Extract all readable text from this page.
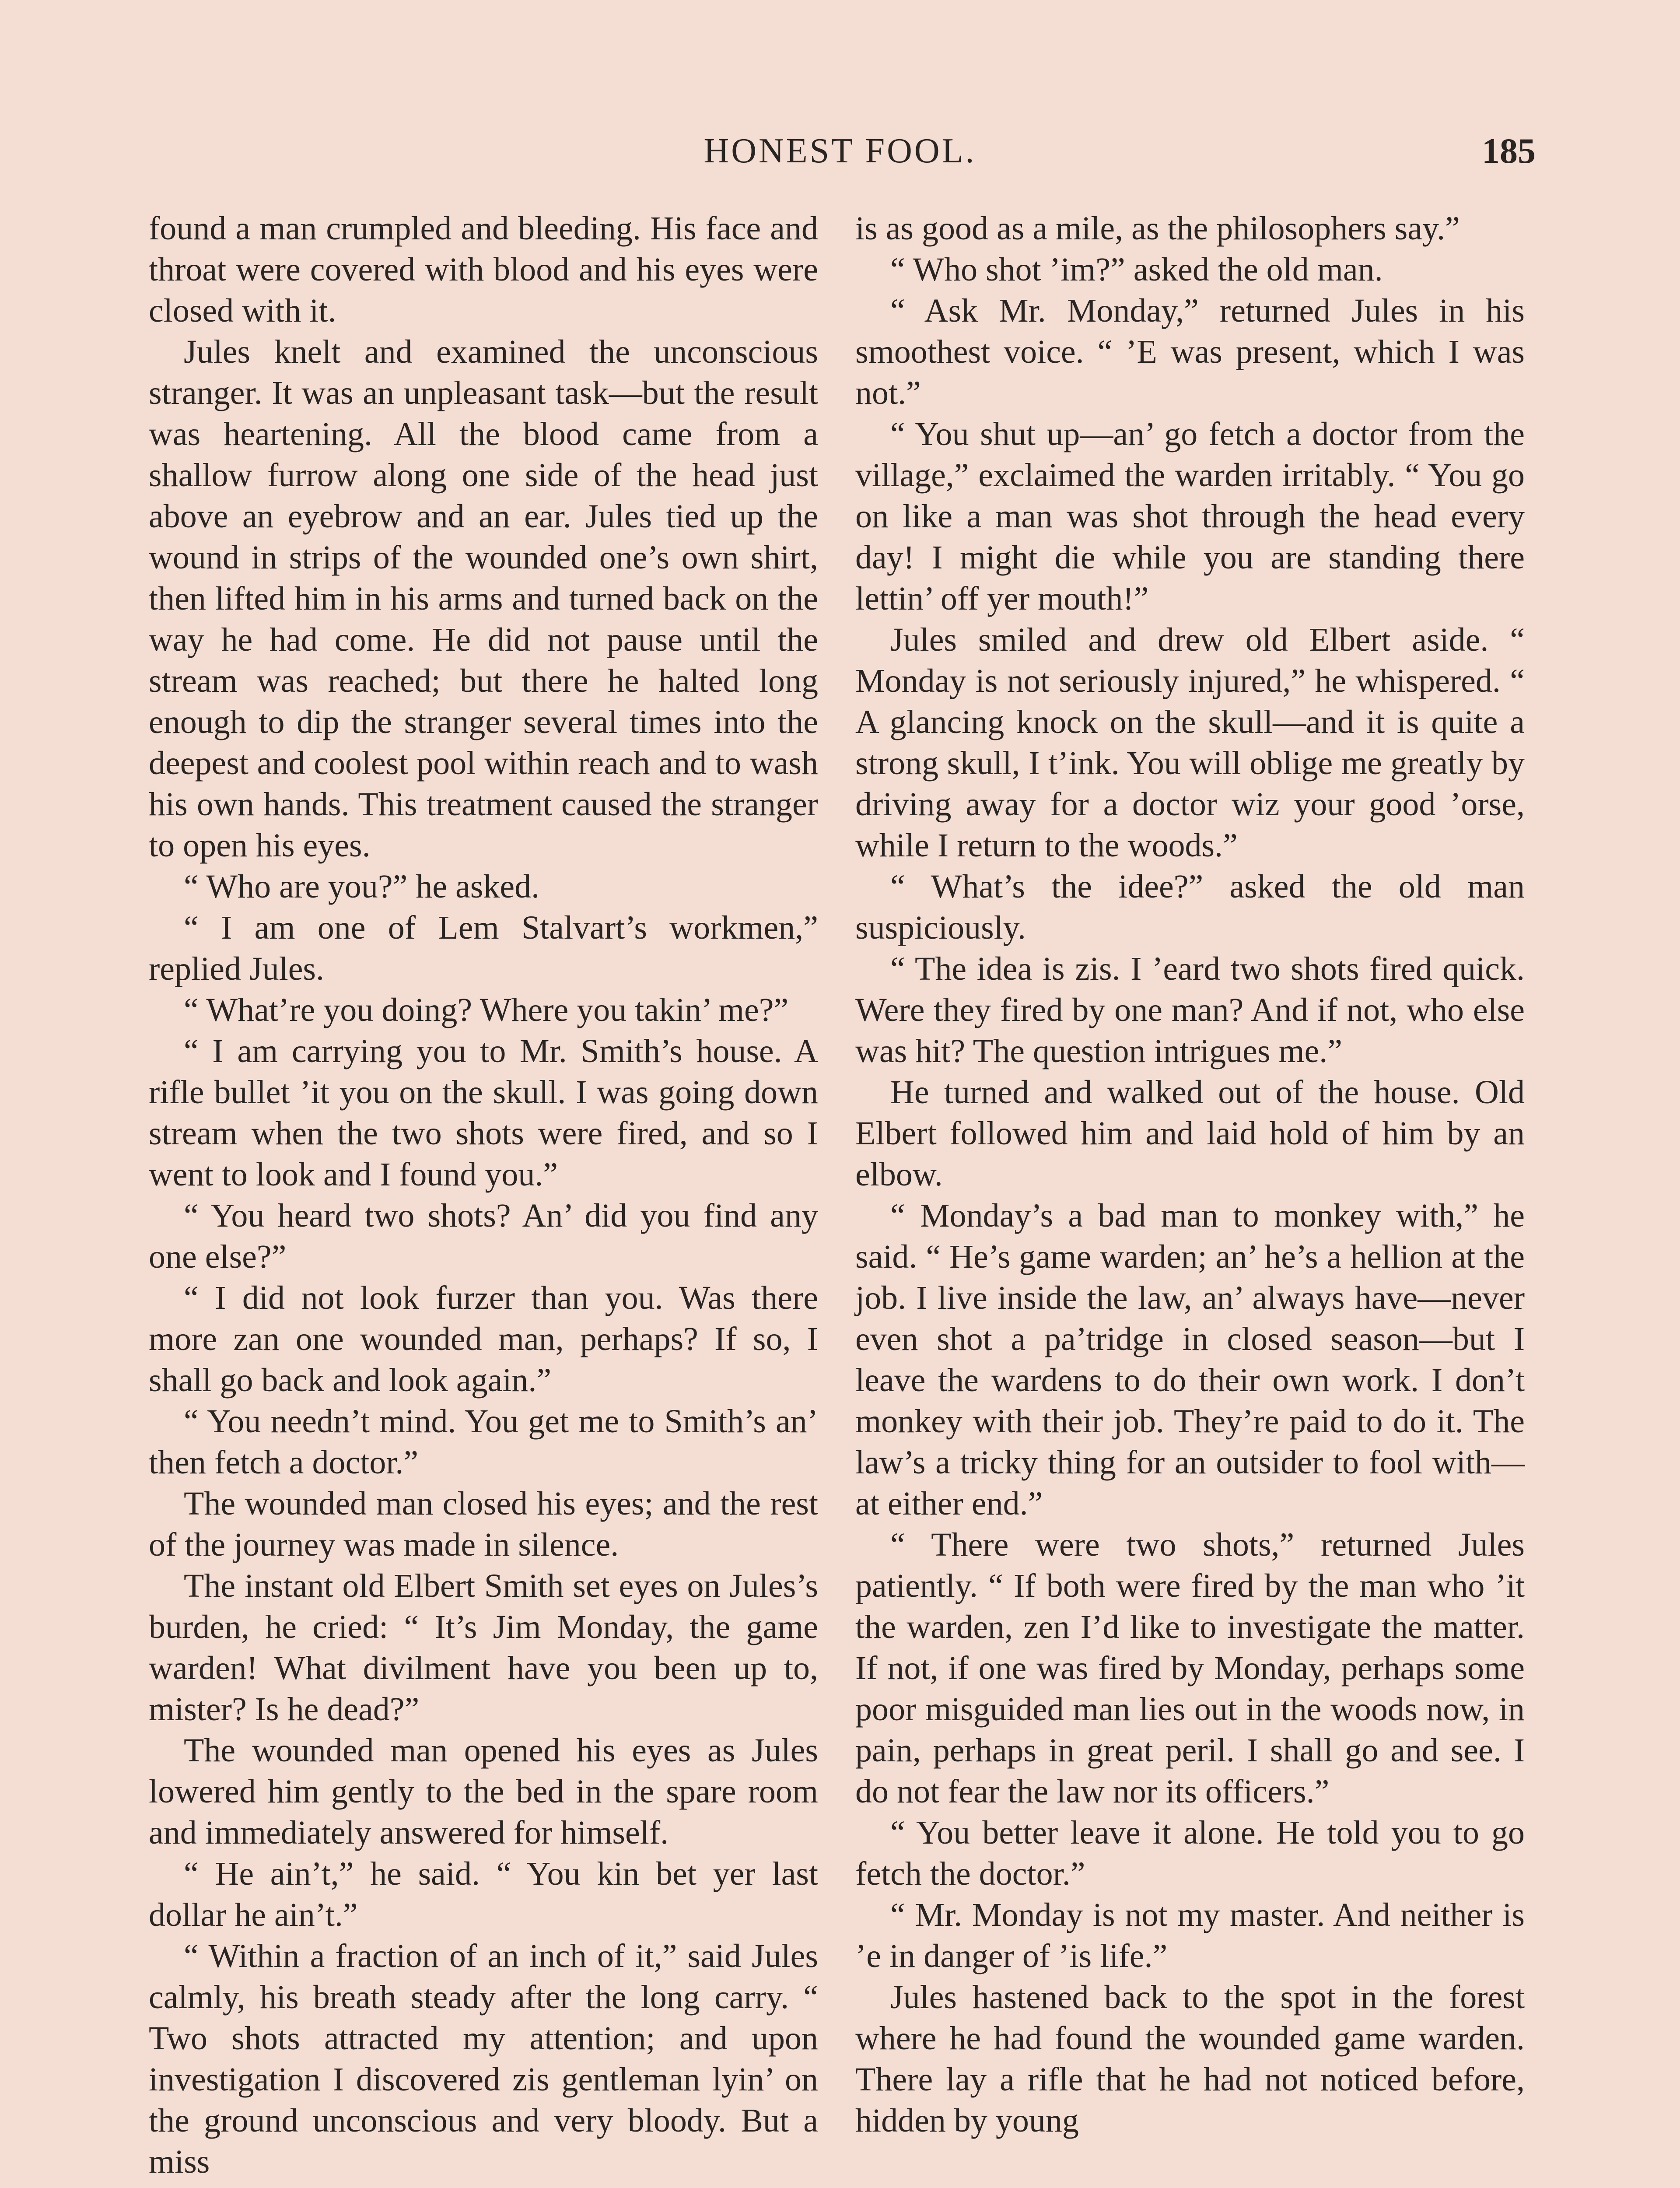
HONEST FOOL.	185

found a man crumpled and bleeding. His face and throat were covered with blood and his eyes were closed with it.

Jules knelt and examined the unconscious stranger. It was an unpleasant task—but the result was heartening. All the blood came from a shallow furrow along one side of the head just above an eyebrow and an ear. Jules tied up the wound in strips of the wounded one’s own shirt, then lifted him in his arms and turned back on the way he had come. He did not pause until the stream was reached; but there he halted long enough to dip the stranger several times into the deepest and coolest pool within reach and to wash his own hands. This treatment caused the stranger to open his eyes.

“ Who are you?” he asked.

“ I am one of Lem Stalvart’s workmen,” replied Jules.

“ What’re you doing? Where you takin’ me?”

“ I am carrying you to Mr. Smith’s house. A rifle bullet ’it you on the skull. I was going down stream when the two shots were fired, and so I went to look and I found you.”

“ You heard two shots? An’ did you find any one else?”

“ I did not look furzer than you. Was there more zan one wounded man, perhaps? If so, I shall go back and look again.”

“ You needn’t mind. You get me to Smith’s an’ then fetch a doctor.”

The wounded man closed his eyes; and the rest of the journey was made in silence.

The instant old Elbert Smith set eyes on Jules’s burden, he cried: “ It’s Jim Monday, the game warden! What divilment have you been up to, mister? Is he dead?”

The wounded man opened his eyes as Jules lowered him gently to the bed in the spare room and immediately answered for himself.

“ He ain’t,” he said. “ You kin bet yer last dollar he ain’t.”

“ Within a fraction of an inch of it,” said Jules calmly, his breath steady after the long carry. “ Two shots attracted my attention; and upon investigation I discovered zis gentleman lyin’ on the ground unconscious and very bloody. But a miss

is as good as a mile, as the philosophers say.”

“ Who shot ’im?” asked the old man.

“ Ask Mr. Monday,” returned Jules in his smoothest voice. “ ’E was present, which I was not.”

“ You shut up—an’ go fetch a doctor from the village,” exclaimed the warden irritably. “ You go on like a man was shot through the head every day! I might die while you are standing there lettin’ off yer mouth!”

Jules smiled and drew old Elbert aside. “ Monday is not seriously injured,” he whispered. “ A glancing knock on the skull—and it is quite a strong skull, I t’ink. You will oblige me greatly by driving away for a doctor wiz your good ’orse, while I return to the woods.”

“ What’s the idee?” asked the old man suspiciously.

“ The idea is zis. I ’eard two shots fired quick. Were they fired by one man? And if not, who else was hit? The question intrigues me.”

He turned and walked out of the house. Old Elbert followed him and laid hold of him by an elbow.

“ Monday’s a bad man to monkey with,” he said. “ He’s game warden; an’ he’s a hellion at the job. I live inside the law, an’ always have—never even shot a pa’tridge in closed season—but I leave the wardens to do their own work. I don’t monkey with their job. They’re paid to do it. The law’s a tricky thing for an outsider to fool with—at either end.”

“ There were two shots,” returned Jules patiently. “ If both were fired by the man who ’it the warden, zen I’d like to investigate the matter. If not, if one was fired by Monday, perhaps some poor misguided man lies out in the woods now, in pain, perhaps in great peril. I shall go and see. I do not fear the law nor its officers.”

“ You better leave it alone. He told you to go fetch the doctor.”

“ Mr. Monday is not my master. And neither is ’e in danger of ’is life.”

Jules hastened back to the spot in the forest where he had found the wounded game warden. There lay a rifle that he had not noticed before, hidden by young
